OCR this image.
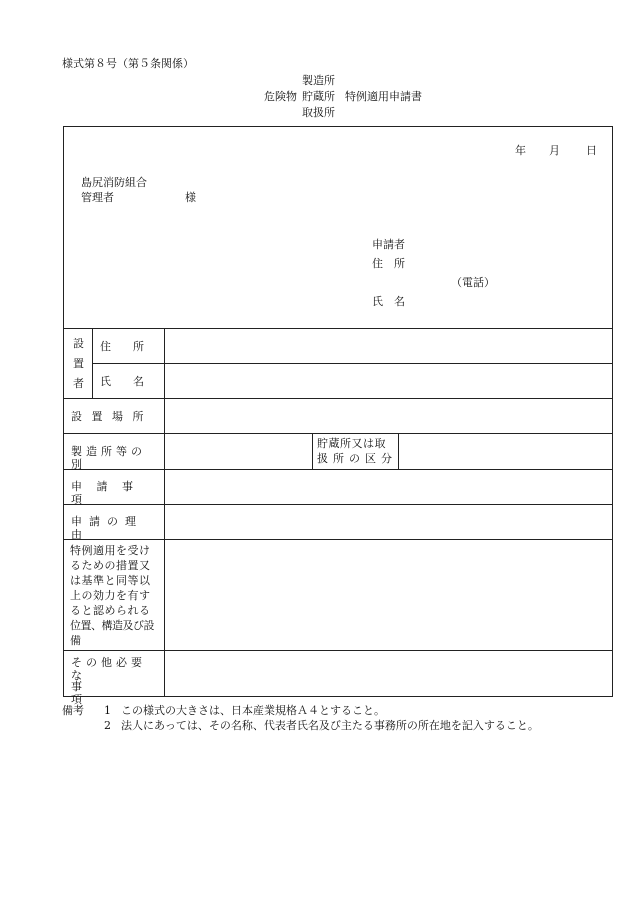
様式第８号（第５条関係）
製造所
危険物 貯蔵所 特例適用申請書
取扱所
年 月 日
島尻消防組合
管理者	様
申請者
住　所
（電話）
氏　名
設置者
住　　所
氏　　名
設置場所
製造所等の別
貯蔵所又は取
扱所の区分
申請事項
申請の理由
特例適用を受け
るための措置又
は基準と同等以
上の効力を有す
ると認められる
位置、構造及び設
備
その他必要な
事項
備考 1 この様式の大きさは、日本産業規格Ａ４とすること。
2 法人にあっては、その名称、代表者氏名及び主たる事務所の所在地を記入すること。
